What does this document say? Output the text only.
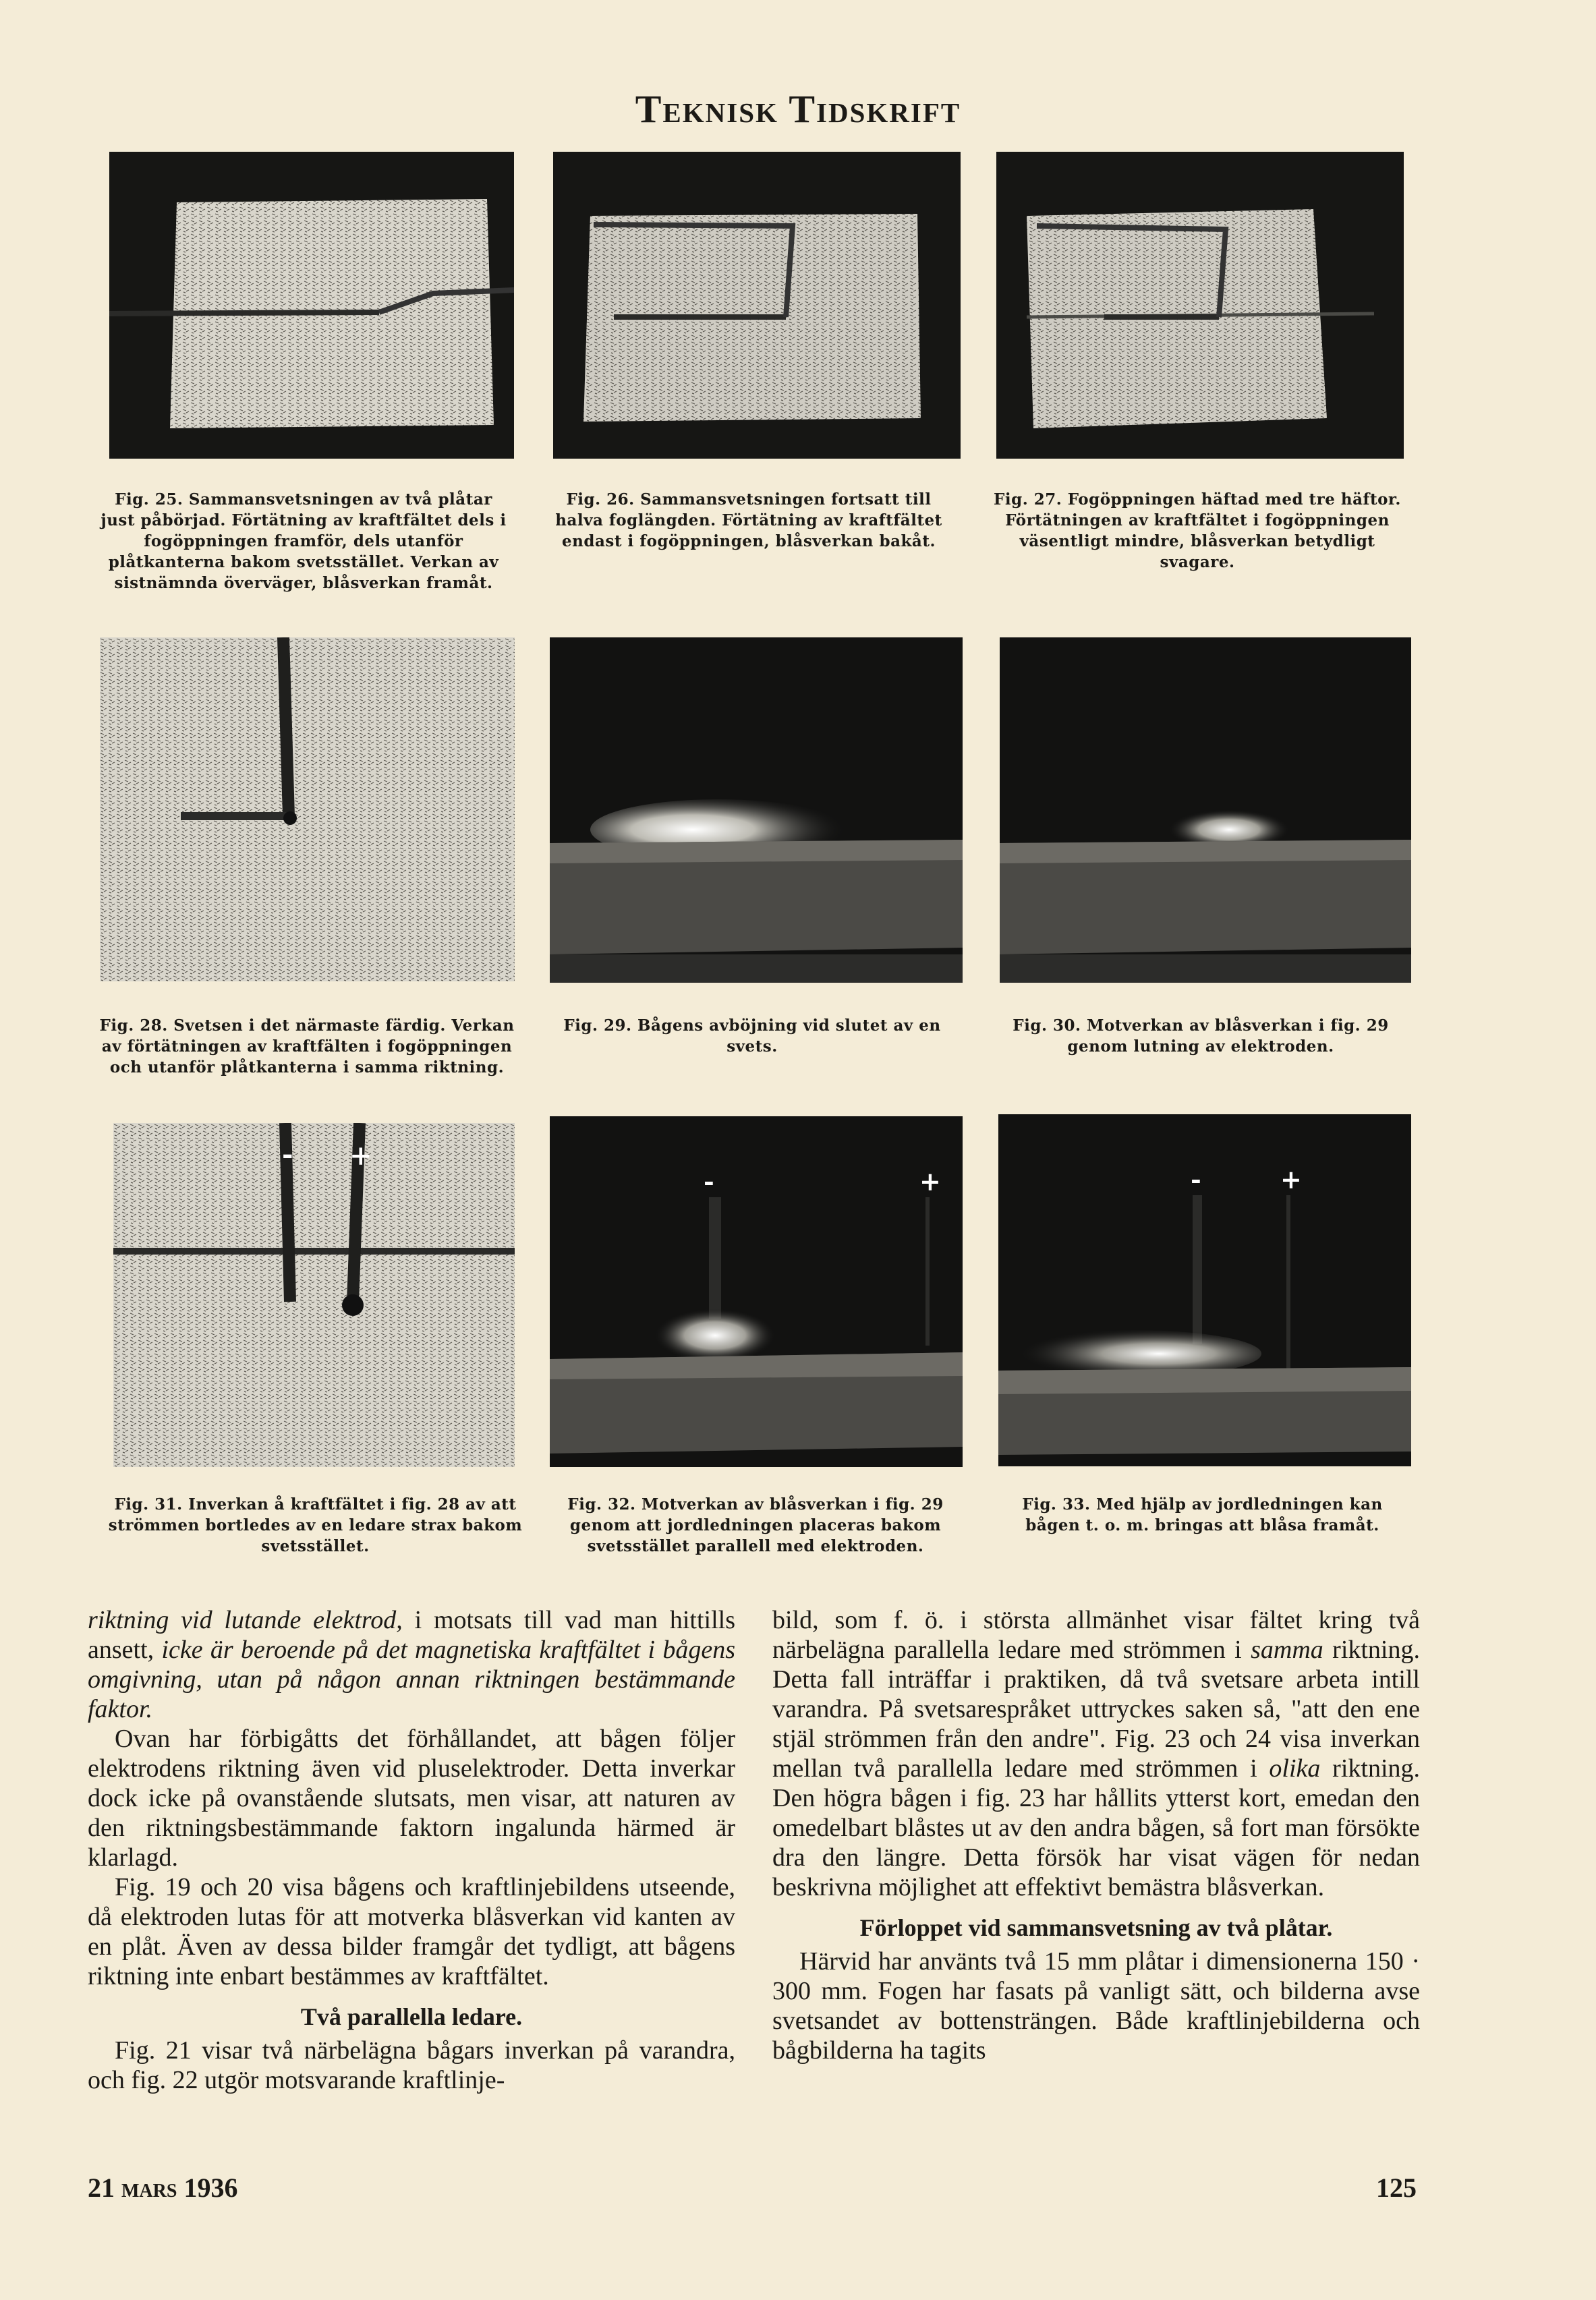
Teknisk Tidskrift
Fig. 25. Sammansvetsningen av två plåtar just påbörjad. Förtätning av kraftfältet dels i fogöppningen framför, dels utanför plåtkanterna bakom svetsstället. Verkan av sistnämnda överväger, blåsverkan framåt.
Fig. 26. Sammansvetsningen fortsatt till halva foglängden. Förtätning av kraftfältet endast i fogöppningen, blåsverkan bakåt.
Fig. 27. Fogöppningen häftad med tre häftor. Förtätningen av kraftfältet i fogöppningen väsentligt mindre, blåsverkan betydligt svagare.
Fig. 28. Svetsen i det närmaste färdig. Verkan av förtätningen av kraftfälten i fogöppningen och utanför plåtkanterna i samma riktning.
Fig. 29. Bågens avböjning vid slutet av en svets.
Fig. 30. Motverkan av blåsverkan i fig. 29 genom lutning av elektroden.
- +
-	+	-	+
Fig. 31. Inverkan å kraftfältet i fig. 28 av att strömmen bortledes av en ledare strax bakom svetsstället.
Fig. 32. Motverkan av blåsverkan i fig. 29 genom att jordledningen placeras bakom svetsstället parallell med elektroden.
Fig. 33. Med hjälp av jordledningen kan bågen t. o. m. bringas att blåsa framåt.

riktning vid lutande elektrod, i motsats till vad man hittills ansett, icke är beroende på det magnetiska kraftfältet i bågens omgivning, utan på någon annan riktningen bestämmande faktor.

Ovan har förbigåtts det förhållandet, att bågen följer elektrodens riktning även vid pluselektroder. Detta inverkar dock icke på ovanstående slutsats, men visar, att naturen av den riktningsbestämmande faktorn ingalunda härmed är klarlagd.

Fig. 19 och 20 visa bågens och kraftlinjebildens utseende, då elektroden lutas för att motverka blåsverkan vid kanten av en plåt. Även av dessa bilder framgår det tydligt, att bågens riktning inte enbart bestämmes av kraftfältet.

Två parallella ledare.

Fig. 21 visar två närbelägna bågars inverkan på varandra, och fig. 22 utgör motsvarande kraftlinje-

bild, som f. ö. i största allmänhet visar fältet kring två närbelägna parallella ledare med strömmen i samma riktning. Detta fall inträffar i praktiken, då två svetsare arbeta intill varandra. På svetsarespråket uttryckes saken så, "att den ene stjäl strömmen från den andre". Fig. 23 och 24 visa inverkan mellan två parallella ledare med strömmen i olika riktning. Den högra bågen i fig. 23 har hållits ytterst kort, emedan den omedelbart blåstes ut av den andra bågen, så fort man försökte dra den längre. Detta försök har visat vägen för nedan beskrivna möjlighet att effektivt bemästra blåsverkan.

Förloppet vid sammansvetsning av två plåtar.

Härvid har använts två 15 mm plåtar i dimensionerna 150 · 300 mm. Fogen har fasats på vanligt sätt, och bilderna avse svetsandet av bottensträngen. Både kraftlinjebilderna och bågbilderna ha tagits

21 mars 1936	125
